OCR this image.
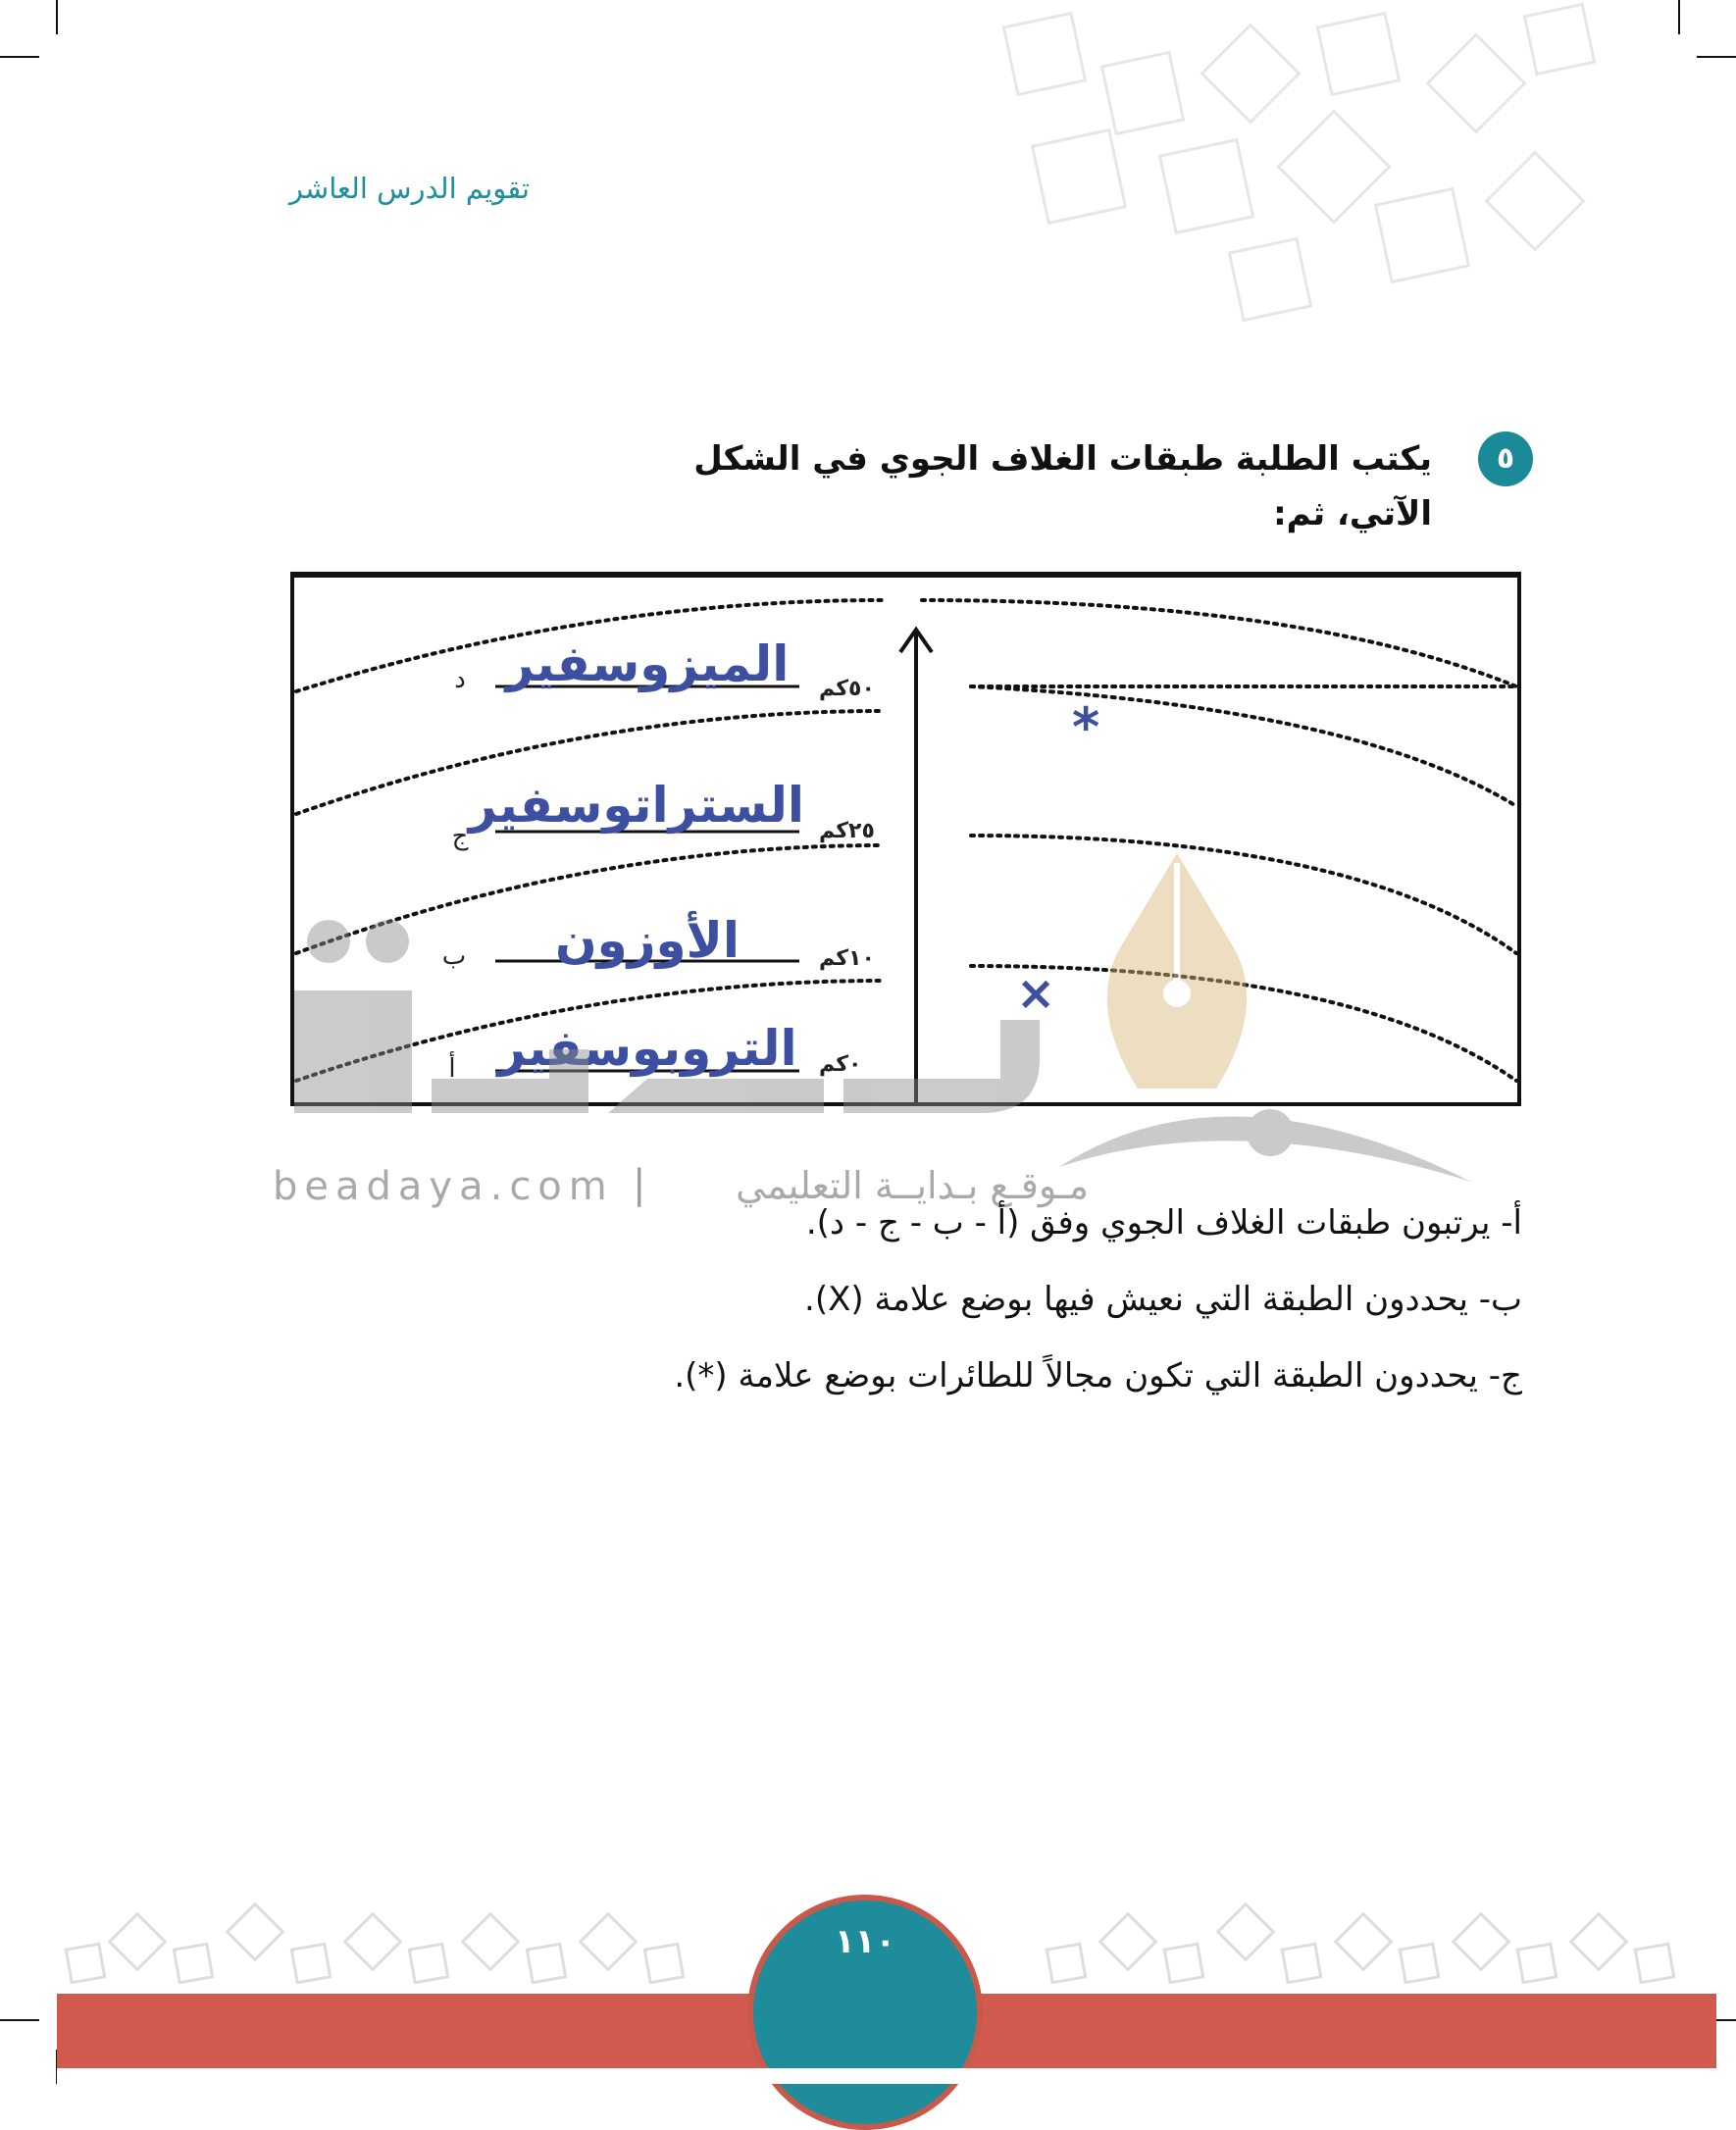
تقويم الدرس العاشر
٥
يكتب الطلبة طبقات الغلاف الجوي في الشكل الآتي، ثم:
الميزوسفير
الستراتوسفير
الأوزون
التروبوسفير
د
ج
ب
أ
٥٠كم
٢٥كم
١٠كم
٠كم
*
×
beadaya.com |	مـوقـع بـدايــة التعليمي
أ- يرتبون طبقات الغلاف الجوي وفق (أ - ب - ج - د).
ب- يحددون الطبقة التي نعيش فيها بوضع علامة (X).
ج- يحددون الطبقة التي تكون مجالاً للطائرات بوضع علامة (*).
١١٠
